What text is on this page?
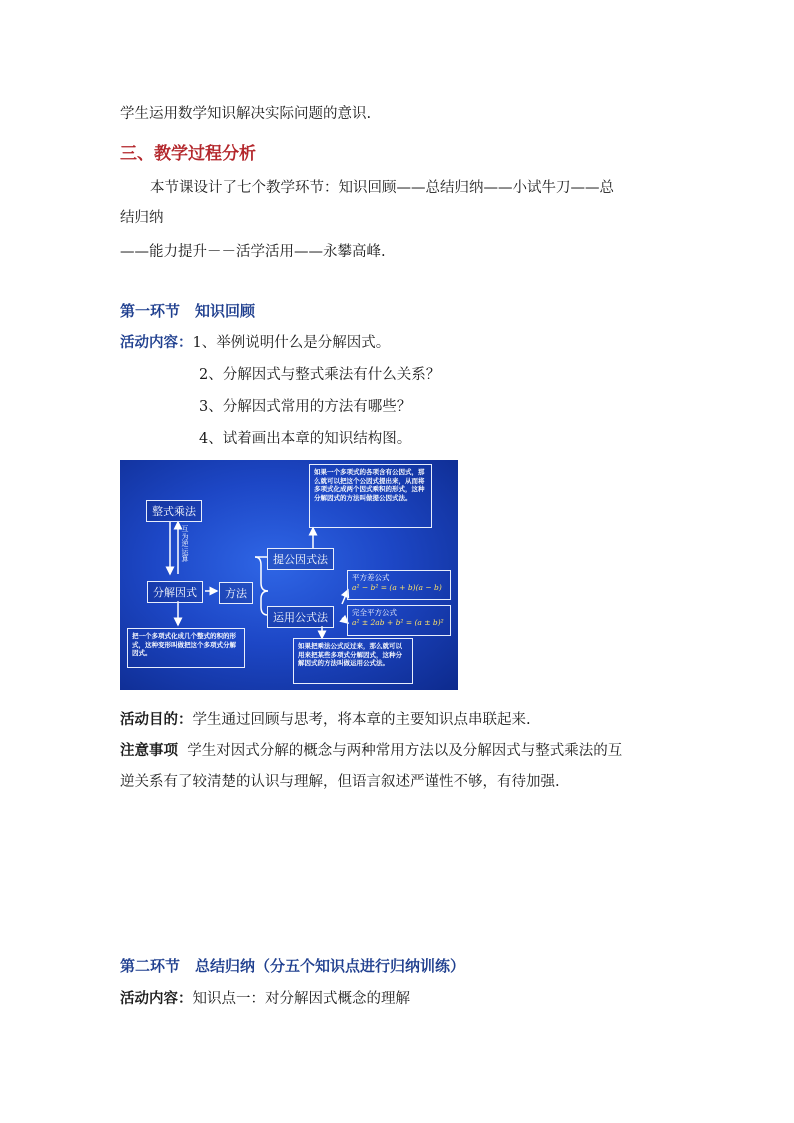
学生运用数学知识解决实际问题的意识.
三、教学过程分析
本节课设计了七个教学环节：知识回顾——总结归纳——小试牛刀——总
结归纳
——能力提升－－活学活用——永攀高峰.
第一环节　知识回顾
活动内容：1、举例说明什么是分解因式。
2、分解因式与整式乘法有什么关系？
3、分解因式常用的方法有哪些？
4、试着画出本章的知识结构图。
整式乘法
互为逆运算
分解因式	方法
提公因式法
运用公式法
如果一个多项式的各项含有公因式，那么就可以把这个公因式提出来，从而将多项式化成两个因式乘积的形式，这种分解因式的方法叫做提公因式法。
把一个多项式化成几个整式的积的形式，这种变形叫做把这个多项式分解因式。
如果把乘法公式反过来，那么就可以用来把某些多项式分解因式，这种分解因式的方法叫做运用公式法。
平方差公式
a² − b² = (a + b)(a − b)
完全平方公式
a² ± 2ab + b² = (a ± b)²
活动目的：学生通过回顾与思考，将本章的主要知识点串联起来.
注意事项 学生对因式分解的概念与两种常用方法以及分解因式与整式乘法的互
逆关系有了较清楚的认识与理解，但语言叙述严谨性不够，有待加强.
第二环节　总结归纳（分五个知识点进行归纳训练）
活动内容：知识点一：对分解因式概念的理解
